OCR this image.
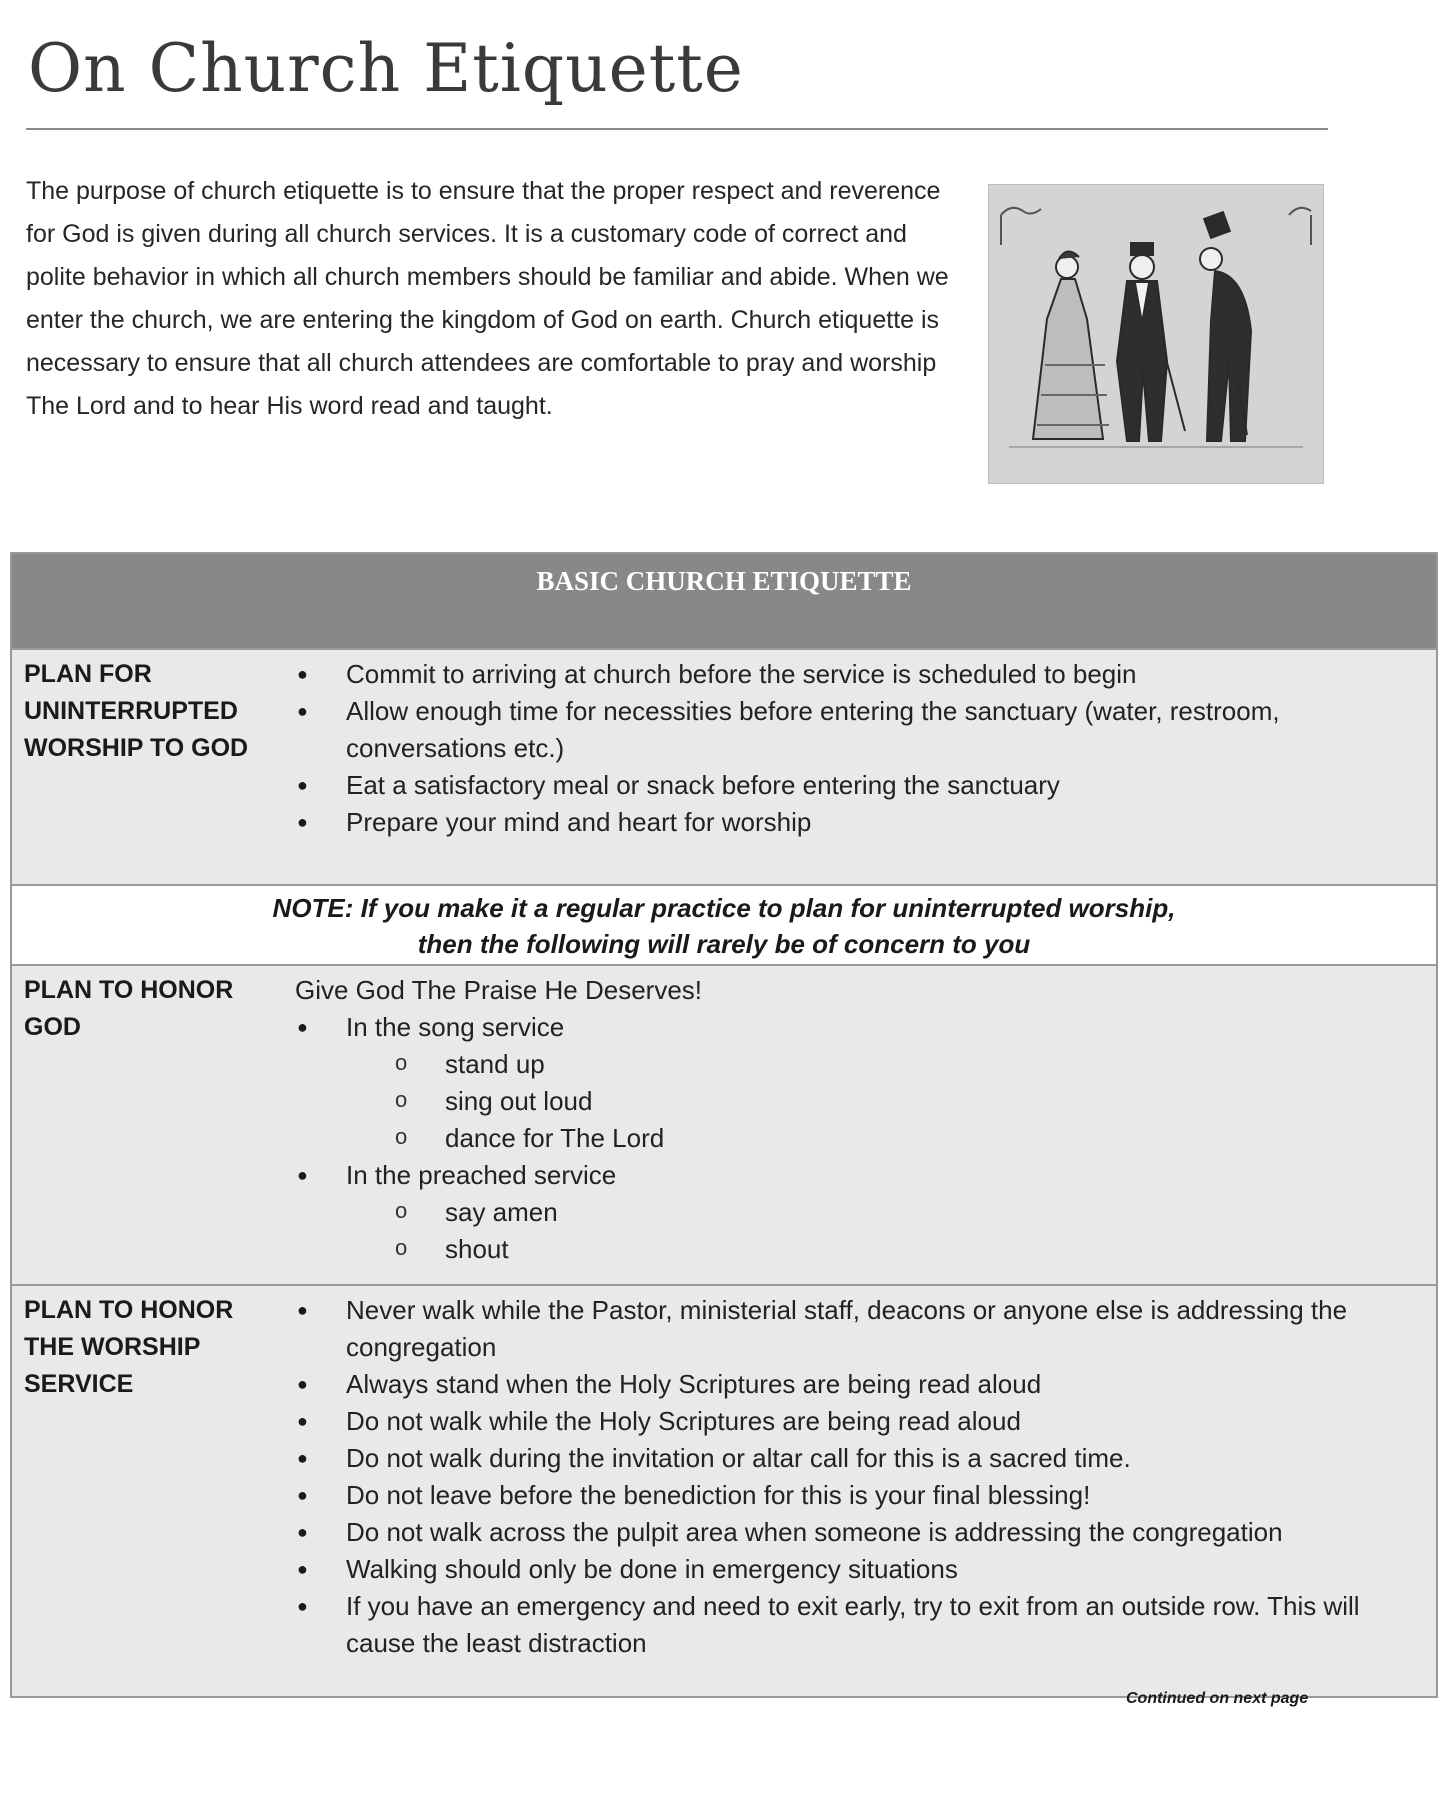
On Church Etiquette

The purpose of church etiquette is to ensure that the proper respect and reverence for God is given during all church services. It is a customary code of correct and polite behavior in which all church members should be familiar and abide. When we enter the church, we are entering the kingdom of God on earth. Church etiquette is necessary to ensure that all church attendees are comfortable to pray and worship The Lord and to hear His word read and taught.

BASIC CHURCH ETIQUETTE
PLAN FOR UNINTERRUPTED WORSHIP TO GOD
● Commit to arriving at church before the service is scheduled to begin
● Allow enough time for necessities before entering the sanctuary (water, restroom, conversations etc.)
● Eat a satisfactory meal or snack before entering the sanctuary
● Prepare your mind and heart for worship
NOTE: If you make it a regular practice to plan for uninterrupted worship,
then the following will rarely be of concern to you
PLAN TO HONOR GOD
Give God The Praise He Deserves!
● In the song service
o stand up
o sing out loud
o dance for The Lord
● In the preached service
o say amen
o shout
PLAN TO HONOR THE WORSHIP SERVICE
● Never walk while the Pastor, ministerial staff, deacons or anyone else is addressing the congregation
● Always stand when the Holy Scriptures are being read aloud
● Do not walk while the Holy Scriptures are being read aloud
● Do not walk during the invitation or altar call for this is a sacred time.
● Do not leave before the benediction for this is your final blessing!
● Do not walk across the pulpit area when someone is addressing the congregation
● Walking should only be done in emergency situations
● If you have an emergency and need to exit early, try to exit from an outside row. This will cause the least distraction
Continued on next page
